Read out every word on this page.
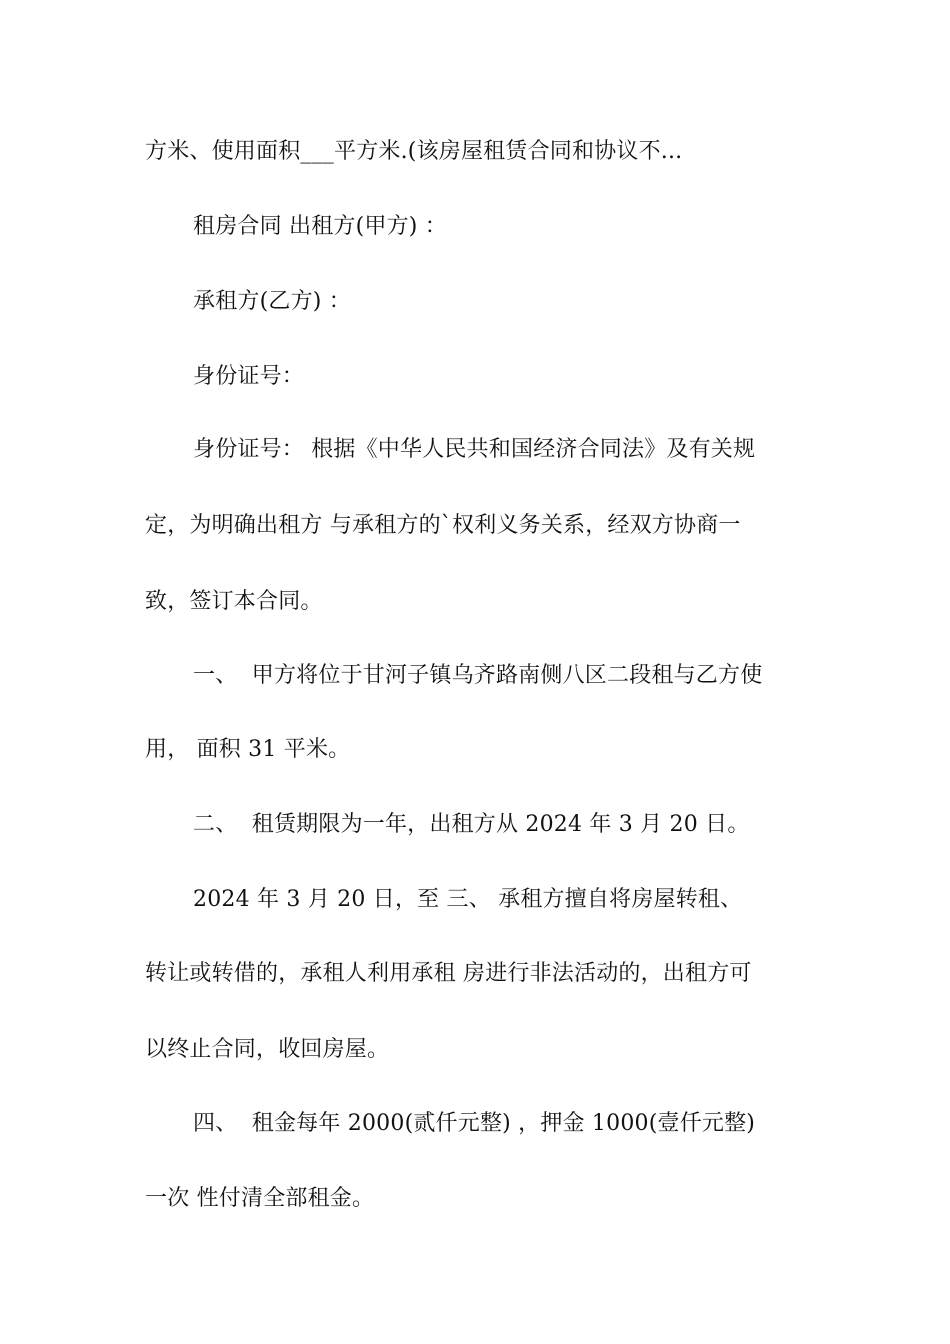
方米、使用面积___平方米.(该房屋租赁合同和协议不...
租房合同 出租方(甲方) ：
承租方(乙方) ：
身份证号：
身份证号： 根据《中华人民共和国经济合同法》及有关规
定，为明确出租方 与承租方的`权利义务关系，经双方协商一
致，签订本合同。
一、  甲方将位于甘河子镇乌齐路南侧八区二段租与乙方使
用， 面积 31 平米。
二、  租赁期限为一年，出租方从 2024 年 3 月 20 日。
2024 年 3 月 20 日，至 三、 承租方擅自将房屋转租、
转让或转借的，承租人利用承租 房进行非法活动的，出租方可
以终止合同，收回房屋。
四、  租金每年 2000(贰仟元整) ，押金 1000(壹仟元整)
一次 性付清全部租金。
